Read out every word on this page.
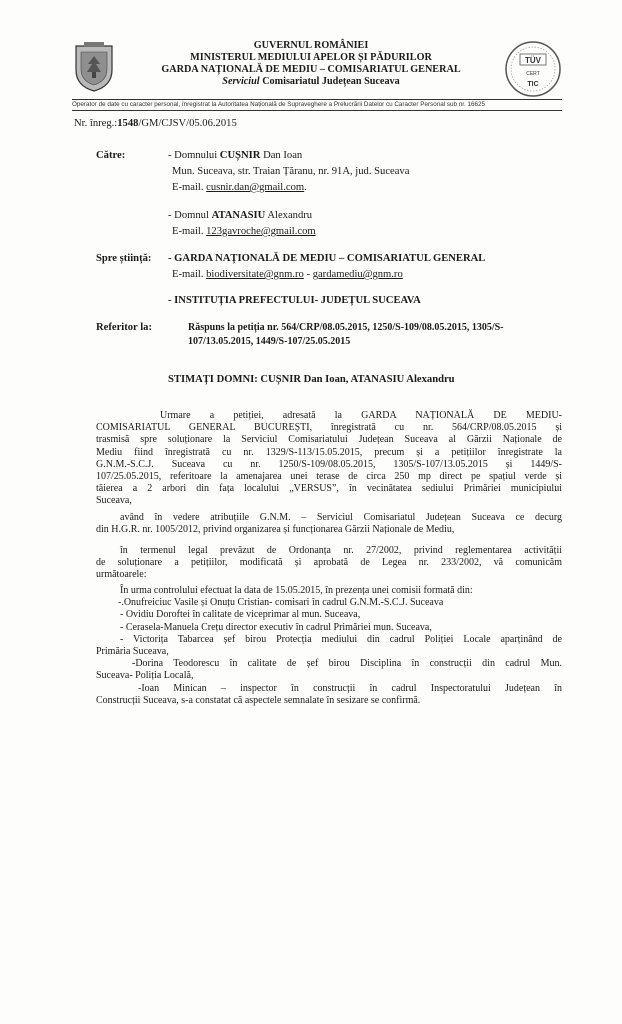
GUVERNUL ROMÂNIEI
MINISTERUL MEDIULUI APELOR ȘI PĂDURILOR
GARDA NAȚIONALĂ DE MEDIU – COMISARIATUL GENERAL
Serviciul Comisariatul Județean Suceava
TÜV
CERT
TIC
Operator de date cu caracter personal, înregistrat la Autoritatea Națională de Supraveghere a Prelucrării Datelor cu Caracter Personal sub nr. 16625
Nr. înreg.:1548/GM/CJSV/05.06.2015
Către:	- Domnului CUȘNIR Dan Ioan
Mun. Suceava, str. Traian Țăranu, nr. 91A, jud. Suceava
E-mail. cusnir.dan@gmail.com.
- Domnul ATANASIU Alexandru
E-mail. 123gavroche@gmail.com
Spre știință: - GARDA NAȚIONALĂ DE MEDIU – COMISARIATUL GENERAL
E-mail. biodiversitate@gnm.ro - gardamediu@gnm.ro
- INSTITUȚIA PREFECTULUI- JUDEȚUL SUCEAVA
Referitor la:	Răspuns la petiția nr. 564/CRP/08.05.2015, 1250/S-109/08.05.2015, 1305/S-
107/13.05.2015, 1449/S-107/25.05.2015
STIMAȚI DOMNI: CUȘNIR Dan Ioan, ATANASIU Alexandru
Urmare a petiției, adresată la GARDA NAȚIONALĂ DE MEDIU-
COMISARIATUL GENERAL BUCUREȘTI, înregistrată cu nr. 564/CRP/08.05.2015 și
trasmisă spre soluționare la Serviciul Comisariatului Județean Suceava al Gărzii Naționale de
Mediu fiind înregistrată cu nr. 1329/S-113/15.05.2015, precum și a petițiilor înregistrate la
G.N.M.-S.C.J. Suceava cu nr. 1250/S-109/08.05.2015, 1305/S-107/13.05.2015 și 1449/S-
107/25.05.2015, referitoare la amenajarea unei terase de circa 250 mp direct pe spațiul verde și
tăierea a 2 arbori din fața localului „VERSUS”, în vecinătatea sediului Primăriei municipiului
Suceava,
având în vedere atribuțiile G.N.M. – Serviciul Comisariatul Județean Suceava ce decurg
din H.G.R. nr. 1005/2012, privind organizarea și funcționarea Gărzii Naționale de Mediu,
în termenul legal prevăzut de Ordonanța nr. 27/2002, privind reglementarea activității
de soluționare a petițiilor, modificată și aprobată de Legea nr. 233/2002, vă comunicăm
următoarele:
În urma controlului efectuat la data de 15.05.2015, în prezența unei comisii formată din:
-.Onufreiciuc Vasile și Onuțu Cristian- comisari în cadrul G.N.M.-S.C.J. Suceava
- Ovidiu Doroftei în calitate de viceprimar al mun. Suceava,
- Cerasela-Manuela Crețu director executiv în cadrul Primăriei mun. Suceava,
- Victorița Tabarcea șef birou Protecția mediului din cadrul Poliției Locale aparținând de
Primăria Suceava,
-Dorina Teodorescu în calitate de șef birou Disciplina în construcții din cadrul Mun.
Suceava- Poliția Locală,
-Ioan Minican – inspector în construcții în cadrul Inspectoratului Județean în
Construcții Suceava, s-a constatat că aspectele semnalate în sesizare se confirmă.
